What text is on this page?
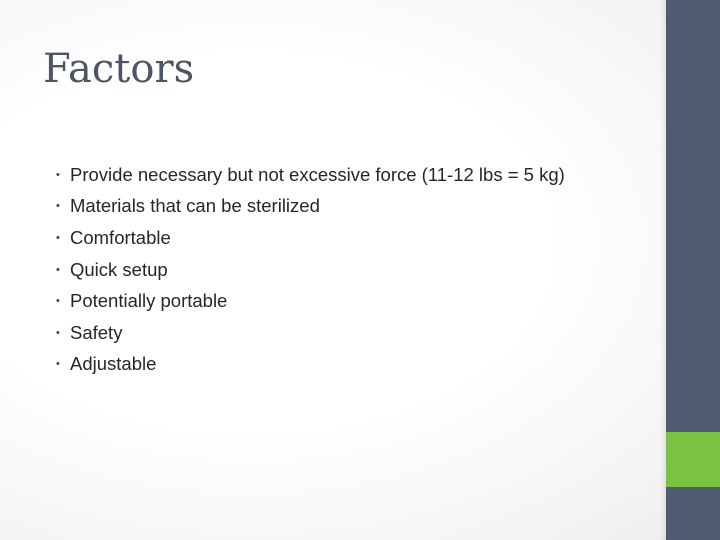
Factors
• Provide necessary but not excessive force (11-12 lbs = 5 kg)
• Materials that can be sterilized
• Comfortable
• Quick setup
• Potentially portable
• Safety
• Adjustable
